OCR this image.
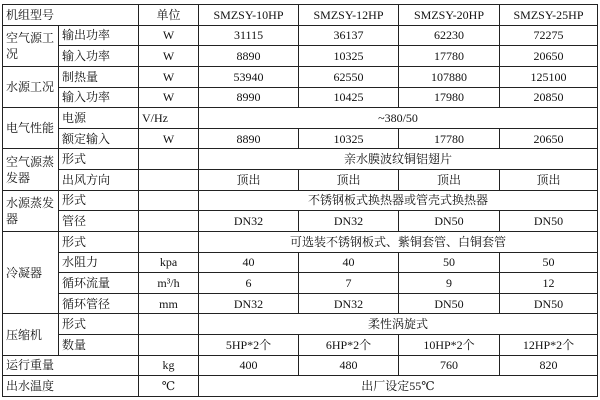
机组型号		单位	SMZSY-10HP	SMZSY-12HP	SMZSY-20HP	SMZSY-25HP
空气源工况	输出功率	W	31115	36137	62230	72275
	输入功率	W	8890	10325	17780	20650
水源工况	制热量	W	53940	62550	107880	125100
	输入功率	W	8990	10425	17980	20850
电气性能	电源	V/Hz	~380/50			
	额定输入	W	8890	10325	17780	20650
空气源蒸发器	形式		亲水膜波纹铜铝翅片			
	出风方向		顶出	顶出	顶出	顶出
水源蒸发器	形式		不锈钢板式换热器或管壳式换热器			
	管径		DN32	DN32	DN50	DN50
冷凝器	形式		可选装不锈钢板式、紫铜套管、白铜套管			
	水阻力	kpa	40	40	50	50
	循环流量	m³/h	6	7	9	12
	循环管径	mm	DN32	DN32	DN50	DN50
压缩机	形式		柔性涡旋式			
	数量		5HP*2个	6HP*2个	10HP*2个	12HP*2个
运行重量		kg	400	480	760	820
出水温度		℃	出厂设定55℃			
